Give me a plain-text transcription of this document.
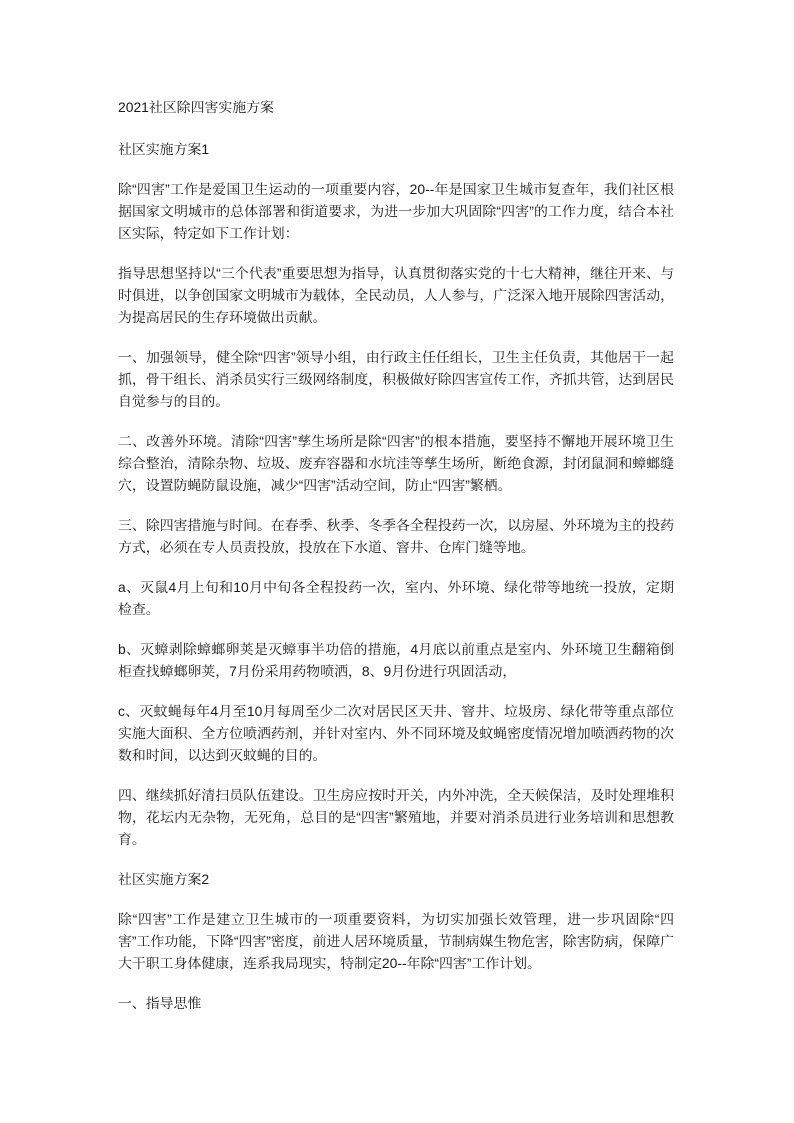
2021社区除四害实施方案
社区实施方案1

除“四害”工作是爱国卫生运动的一项重要内容，20--年是国家卫生城市复查年，我们社区根据国家文明城市的总体部署和街道要求，为进一步加大巩固除“四害”的工作力度，结合本社区实际，特定如下工作计划：

指导思想坚持以“三个代表”重要思想为指导，认真贯彻落实党的十七大精神，继往开来、与时俱进，以争创国家文明城市为载体，全民动员，人人参与，广泛深入地开展除四害活动，为提高居民的生存环境做出贡献。

一、加强领导，健全除“四害”领导小组，由行政主任任组长，卫生主任负责，其他居干一起抓，骨干组长、消杀员实行三级网络制度，积极做好除四害宣传工作，齐抓共管，达到居民自觉参与的目的。

二、改善外环境。清除“四害”孳生场所是除“四害”的根本措施，要坚持不懈地开展环境卫生综合整治，清除杂物、垃圾、废弃容器和水坑洼等孳生场所，断绝食源，封闭鼠洞和蟑螂缝穴，设置防蝇防鼠设施，减少“四害”活动空间，防止“四害”繁栖。

三、除四害措施与时间。在春季、秋季、冬季各全程投药一次，以房屋、外环境为主的投药方式，必须在专人员责投放，投放在下水道、窨井、仓库门缝等地。

a、灭鼠4月上旬和10月中旬各全程投药一次，室内、外环境、绿化带等地统一投放，定期检查。

b、灭蟑剥除蟑螂卵荚是灭蟑事半功倍的措施，4月底以前重点是室内、外环境卫生翻箱倒柜查找蟑螂卵荚，7月份采用药物喷洒，8、9月份进行巩固活动，

c、灭蚊蝇每年4月至10月每周至少二次对居民区天井、窨井、垃圾房、绿化带等重点部位实施大面积、全方位喷洒药剂，并针对室内、外不同环境及蚊蝇密度情况增加喷洒药物的次数和时间，以达到灭蚊蝇的目的。

四、继续抓好清扫员队伍建设。卫生房应按时开关，内外冲洗，全天候保洁，及时处理堆积物，花坛内无杂物，无死角，总目的是“四害”繁殖地，并要对消杀员进行业务培训和思想教育。

社区实施方案2

除“四害”工作是建立卫生城市的一项重要资料，为切实加强长效管理，进一步巩固除“四害”工作功能，下降“四害”密度，前进人居环境质量，节制病媒生物危害，除害防病，保障广大干职工身体健康，连系我局现实，特制定20--年除“四害”工作计划。

一、指导思惟
